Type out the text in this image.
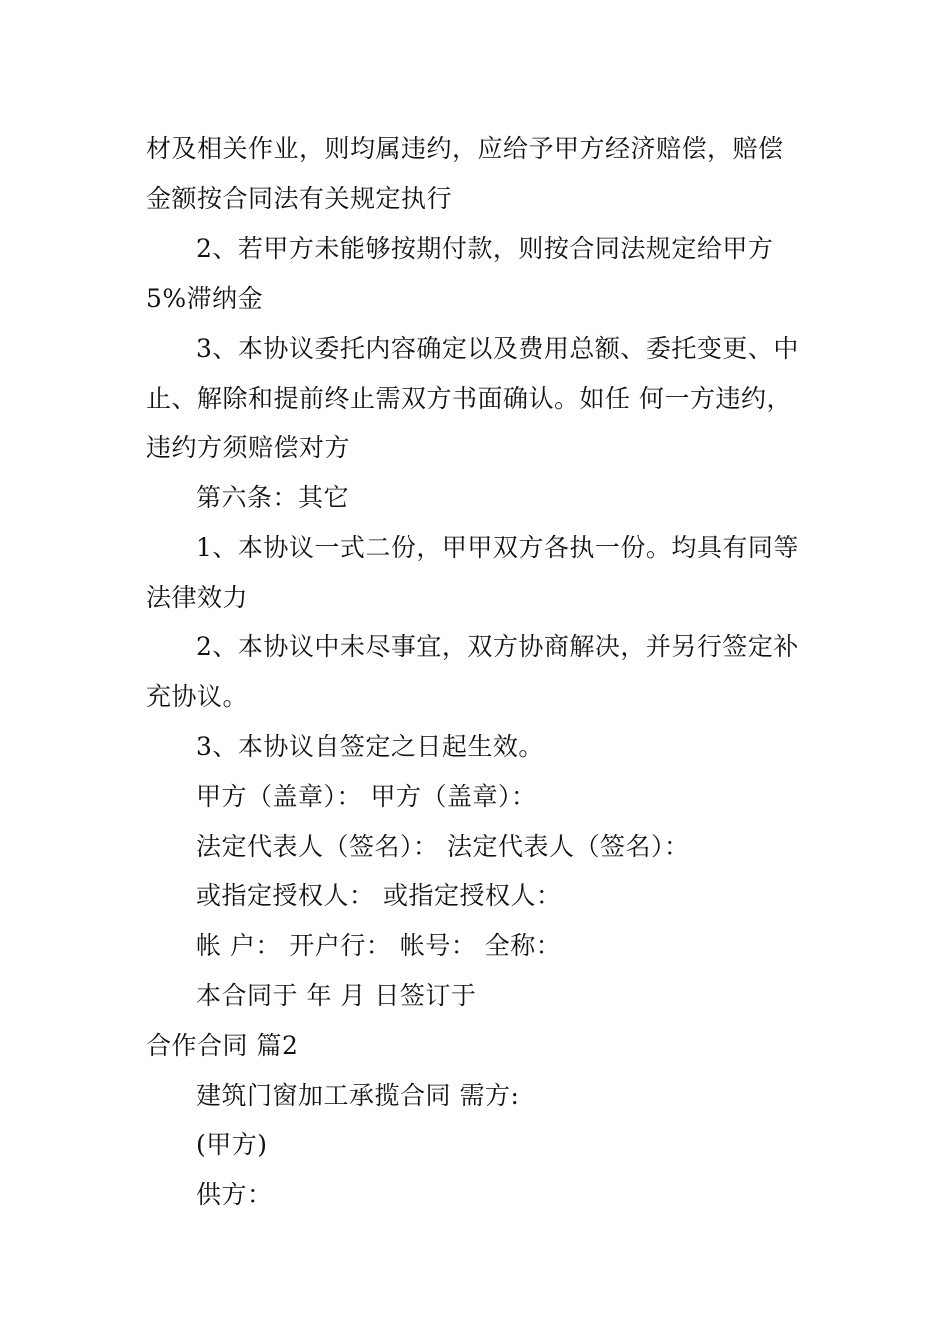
材及相关作业，则均属违约，应给予甲方经济赔偿，赔偿
金额按合同法有关规定执行
2、若甲方未能够按期付款，则按合同法规定给甲方
5%滞纳金
3、本协议委托内容确定以及费用总额、委托变更、中
止、解除和提前终止需双方书面确认。如任 何一方违约，
违约方须赔偿对方
第六条：其它
1、本协议一式二份，甲甲双方各执一份。均具有同等
法律效力
2、本协议中未尽事宜，双方协商解决，并另行签定补
充协议。
3、本协议自签定之日起生效。
甲方（盖章）： 甲方（盖章）：
法定代表人（签名）： 法定代表人（签名）：
或指定授权人： 或指定授权人：
帐 户： 开户行： 帐号： 全称：
本合同于 年 月 日签订于
合作合同 篇2
建筑门窗加工承揽合同 需方:
(甲方)
供方：
